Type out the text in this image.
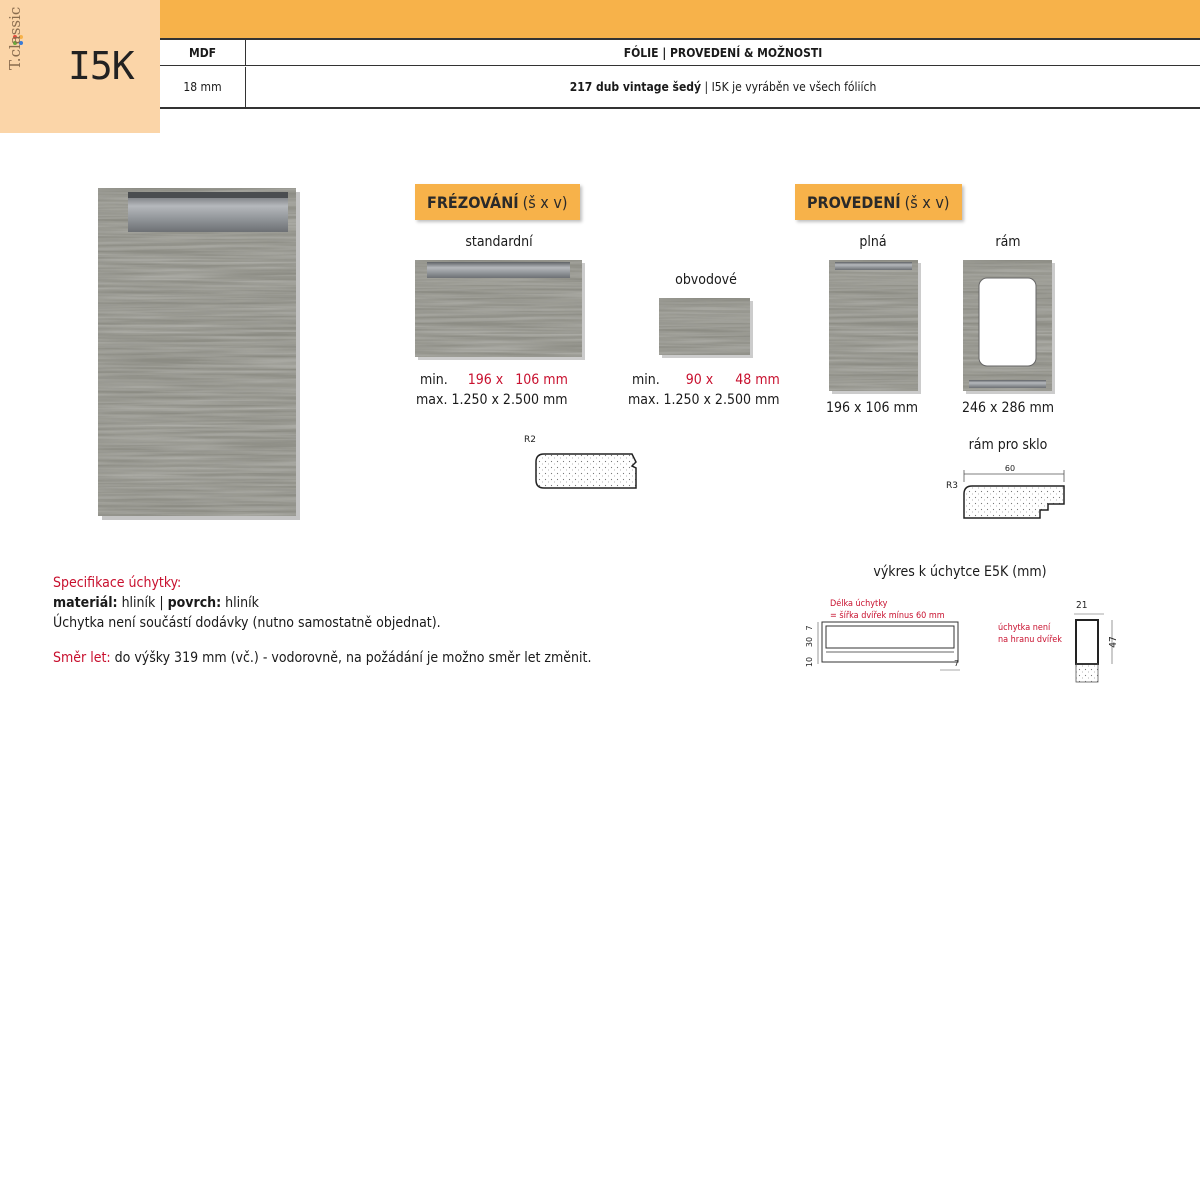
T.classic I5K	MDF	FÓLIE | PROVEDENÍ & MOŽNOSTI
18 mm	217 dub vintage šedý | I5K je vyráběn ve všech fóliích
FRÉZOVÁNÍ (š x v)
standardní
min. 196 x 106 mm
max. 1.250 x 2.500 mm
obvodové
min. 90 x 48 mm
max. 1.250 x 2.500 mm
R2
PROVEDENÍ (š x v)
plná
196 x 106 mm
rám
246 x 286 mm
rám pro sklo
60
R3
výkres k úchytce E5K (mm)
Délka úchytky
= šířka dvířek mínus 60 mm
7
30
10	7
21
úchytka není
na hranu dvířek	47
Specifikace úchytky:
materiál: hliník | povrch: hliník
Úchytka není součástí dodávky (nutno samostatně objednat).
Směr let: do výšky 319 mm (vč.) - vodorovně, na požádání je možno směr let změnit.
